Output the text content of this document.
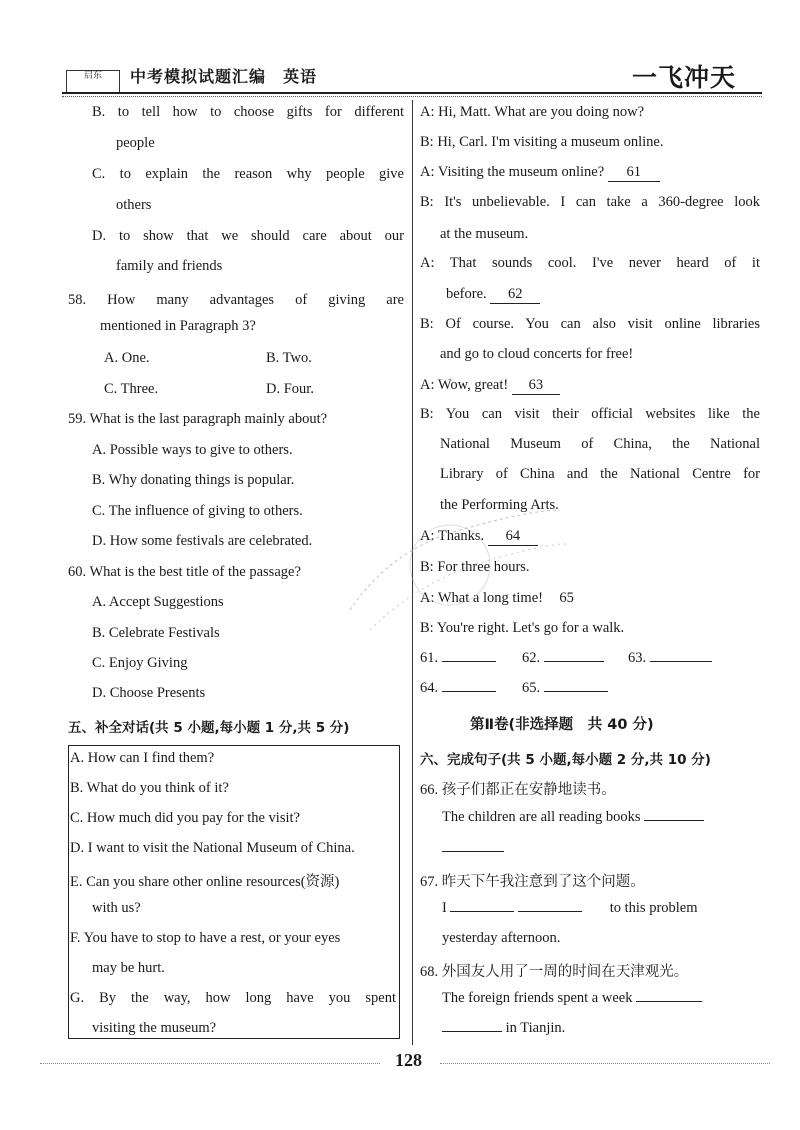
启东	中考模拟试题汇编　英语	一飞冲天
B. to tell how to choose gifts for different
people
C. to explain the reason why people give
others
D. to show that we should care about our
family and friends
58.　How　many　advantages　of　giving　are
mentioned in Paragraph 3?
A. One.	B. Two.
C. Three.	D. Four.
59. What is the last paragraph mainly about?
A. Possible ways to give to others.
B. Why donating things is popular.
C. The influence of giving to others.
D. How some festivals are celebrated.
60. What is the best title of the passage?
A. Accept Suggestions
B. Celebrate Festivals
C. Enjoy Giving
D. Choose Presents
五、补全对话(共 5 小题,每小题 1 分,共 5 分)
A. How can I find them?
B. What do you think of it?
C. How much did you pay for the visit?
D. I want to visit the National Museum of China.
E. Can you share other online resources(资源)
with us?
F. You have to stop to have a rest, or your eyes
may be hurt.
G. By the way, how long have you spent
visiting the museum?
A: Hi, Matt. What are you doing now?
B: Hi, Carl. I'm visiting a museum online.
A: Visiting the museum online? 61
B: It's unbelievable. I can take a 360-degree look
at the museum.
A: That sounds cool. I've never heard of it
before. 62
B: Of course. You can also visit online libraries
and go to cloud concerts for free!
A: Wow, great! 63
B: You can visit their official websites like the
National Museum of China, the National
Library of China and the National Centre for
the Performing Arts.
A: Thanks. 64
B: For three hours.
A: What a long time! 65
B: You're right. Let's go for a walk.
61.	62.	63.
64.	65.
第Ⅱ卷(非选择题　共 40 分)
六、完成句子(共 5 小题,每小题 2 分,共 10 分)
66. 孩子们都正在安静地读书。
The children are all reading books
67. 昨天下午我注意到了这个问题。
I	to this problem
yesterday afternoon.
68. 外国友人用了一周的时间在天津观光。
The foreign friends spent a week
in Tianjin.
128
